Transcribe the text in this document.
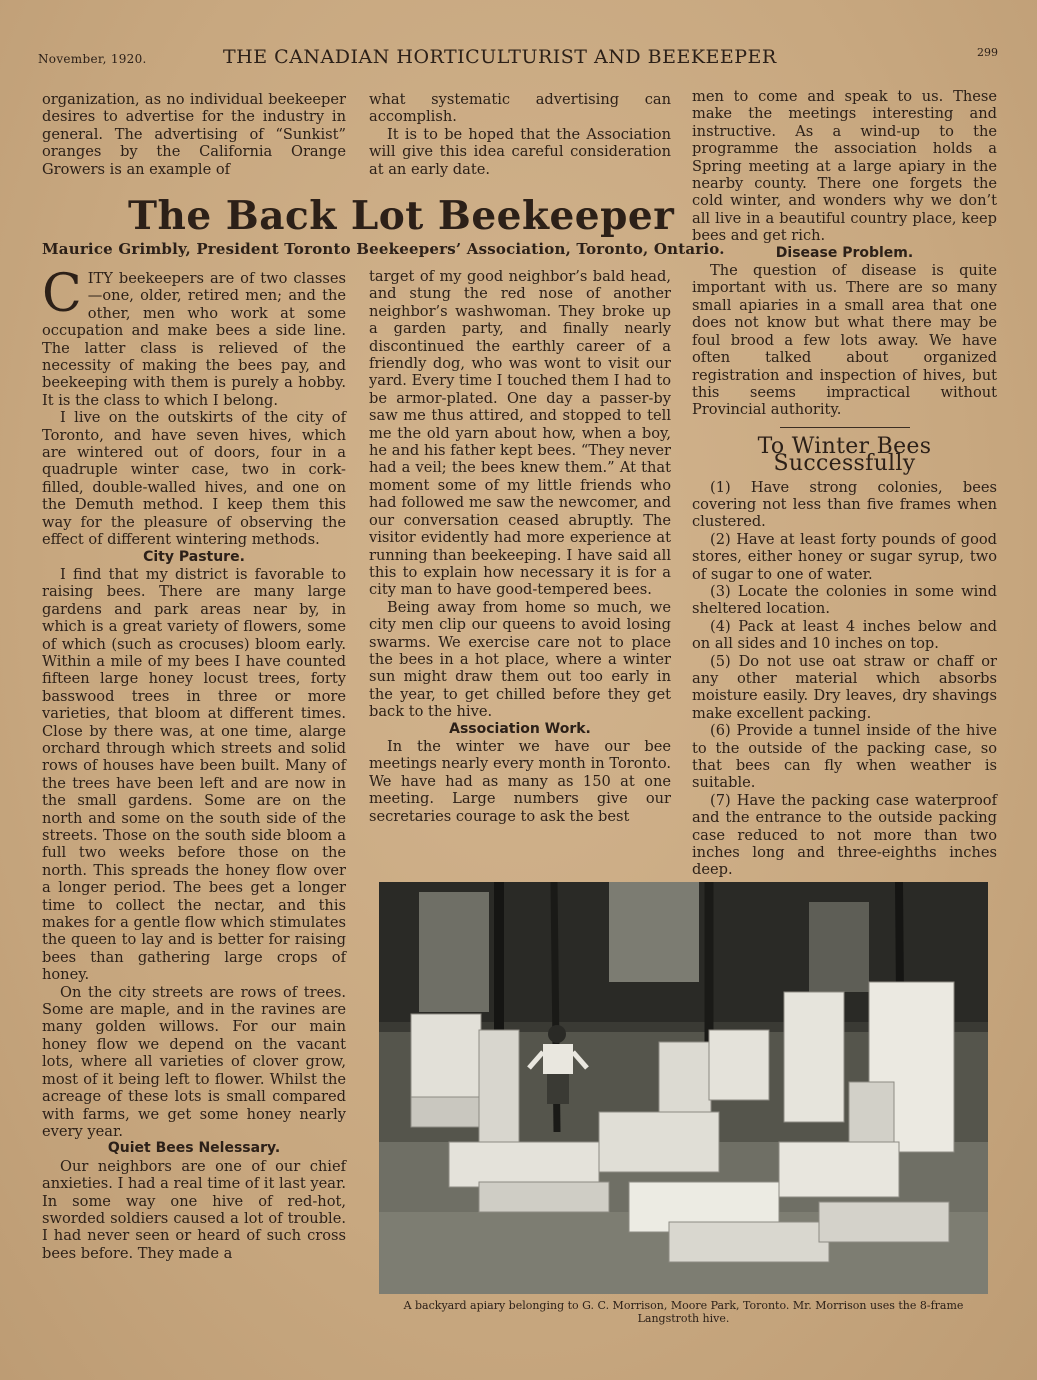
November, 1920.	THE CANADIAN HORTICULTURIST AND BEEKEEPER	299

organization, as no individual beekeeper desires to advertise for the industry in general. The advertising of “Sunkist” oranges by the California Orange Growers is an example of

what systematic advertising can accomplish.

It is to be hoped that the Association will give this idea careful consideration at an early date.

The Back Lot Beekeeper
Maurice Grimbly, President Toronto Beekeepers’ Association, Toronto, Ontario.

CITY beekeepers are of two classes—one, older, retired men; and the other, men who work at some occupation and make bees a side line. The latter class is relieved of the necessity of making the bees pay, and beekeeping with them is purely a hobby. It is the class to which I belong.

I live on the outskirts of the city of Toronto, and have seven hives, which are wintered out of doors, four in a quadruple winter case, two in cork-filled, double-walled hives, and one on the Demuth method. I keep them this way for the pleasure of observing the effect of different wintering methods.

City Pasture.

I find that my district is favorable to raising bees. There are many large gardens and park areas near by, in which is a great variety of flowers, some of which (such as crocuses) bloom early. Within a mile of my bees I have counted fifteen large honey locust trees, forty basswood trees in three or more varieties, that bloom at different times. Close by there was, at one time, alarge orchard through which streets and solid rows of houses have been built. Many of the trees have been left and are now in the small gardens. Some are on the north and some on the south side of the streets. Those on the south side bloom a full two weeks before those on the north. This spreads the honey flow over a longer period. The bees get a longer time to collect the nectar, and this makes for a gentle flow which stimulates the queen to lay and is better for raising bees than gathering large crops of honey.

On the city streets are rows of trees. Some are maple, and in the ravines are many golden willows. For our main honey flow we depend on the vacant lots, where all varieties of clover grow, most of it being left to flower. Whilst the acreage of these lots is small compared with farms, we get some honey nearly every year.

Quiet Bees Nelessary.

Our neighbors are one of our chief anxieties. I had a real time of it last year. In some way one hive of red-hot, sworded soldiers caused a lot of trouble. I had never seen or heard of such cross bees before. They made a

target of my good neighbor’s bald head, and stung the red nose of another neighbor’s washwoman. They broke up a garden party, and finally nearly discontinued the earthly career of a friendly dog, who was wont to visit our yard. Every time I touched them I had to be armor-plated. One day a passer-by saw me thus attired, and stopped to tell me the old yarn about how, when a boy, he and his father kept bees. “They never had a veil; the bees knew them.” At that moment some of my little friends who had followed me saw the newcomer, and our conversation ceased abruptly. The visitor evidently had more experience at running than beekeeping. I have said all this to explain how necessary it is for a city man to have good-tempered bees.

Being away from home so much, we city men clip our queens to avoid losing swarms. We exercise care not to place the bees in a hot place, where a winter sun might draw them out too early in the year, to get chilled before they get back to the hive.

Association Work.

In the winter we have our bee meetings nearly every month in Toronto. We have had as many as 150 at one meeting. Large numbers give our secretaries courage to ask the best

men to come and speak to us. These make the meetings interesting and instructive. As a wind-up to the programme the association holds a Spring meeting at a large apiary in the nearby county. There one forgets the cold winter, and wonders why we don’t all live in a beautiful country place, keep bees and get rich.

Disease Problem.

The question of disease is quite important with us. There are so many small apiaries in a small area that one does not know but what there may be foul brood a few lots away. We have often talked about organized registration and inspection of hives, but this seems impractical without Provincial authority.

To Winter Bees Successfully

(1) Have strong colonies, bees covering not less than five frames when clustered.

(2) Have at least forty pounds of good stores, either honey or sugar syrup, two of sugar to one of water.

(3) Locate the colonies in some wind sheltered location.

(4) Pack at least 4 inches below and on all sides and 10 inches on top.

(5) Do not use oat straw or chaff or any other material which absorbs moisture easily. Dry leaves, dry shavings make excellent packing.

(6) Provide a tunnel inside of the hive to the outside of the packing case, so that bees can fly when weather is suitable.

(7) Have the packing case waterproof and the entrance to the outside packing case reduced to not more than two inches long and three-eighths inches deep.

A backyard apiary belonging to G. C. Morrison, Moore Park, Toronto. Mr. Morrison uses the 8-frame Langstroth hive.
